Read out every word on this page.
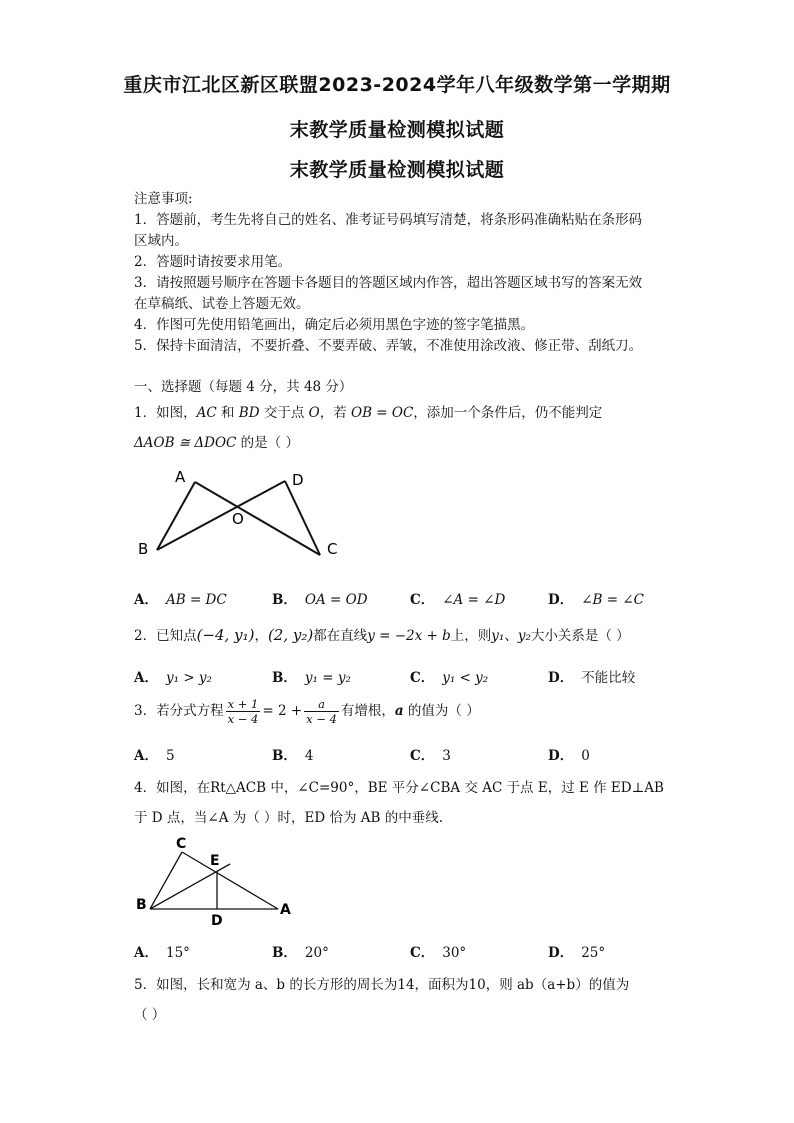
重庆市江北区新区联盟2023-2024学年八年级数学第一学期期
末教学质量检测模拟试题
末教学质量检测模拟试题
注意事项:
1．答题前，考生先将自己的姓名、准考证号码填写清楚，将条形码准确粘贴在条形码
区域内。
2．答题时请按要求用笔。
3．请按照题号顺序在答题卡各题目的答题区域内作答，超出答题区域书写的答案无效
在草稿纸、试卷上答题无效。
4．作图可先使用铅笔画出，确定后必须用黑色字迹的签字笔描黑。
5．保持卡面清洁，不要折叠、不要弄破、弄皱，不准使用涂改液、修正带、刮纸刀。
一、选择题（每题 4 分，共 48 分）
1．如图，AC 和 BD 交于点 O，若 OB = OC，添加一个条件后，仍不能判定
ΔAOB ≅ ΔDOC 的是（ ）
A
B	C
D
O
A． AB = DC	B． OA = OD	C． ∠A = ∠D	D． ∠B = ∠C
2．已知点(−4, y₁)，(2, y₂)都在直线y = −2x + b上，则y₁、y₂大小关系是（ ）
A． y₁ > y₂	B． y₁ = y₂	C． y₁ < y₂	D． 不能比较
3．若分式方程 $\frac{x + 1}{x - 4} = 2 + \frac{a}{x - 4}$ 有增根，a 的值为（ ）
A． 5	B． 4	C． 3	D． 0
4．如图，在Rt△ACB 中，∠C=90°，BE 平分∠CBA 交 AC 于点 E，过 E 作 ED⊥AB
于 D 点，当∠A 为（ ）时，ED 恰为 AB 的中垂线.
C
B	A
D
E
A． 15°	B． 20°	C． 30°	D． 25°
5．如图，长和宽为 a、b 的长方形的周长为14，面积为10，则 ab（a+b）的值为
（ ）
